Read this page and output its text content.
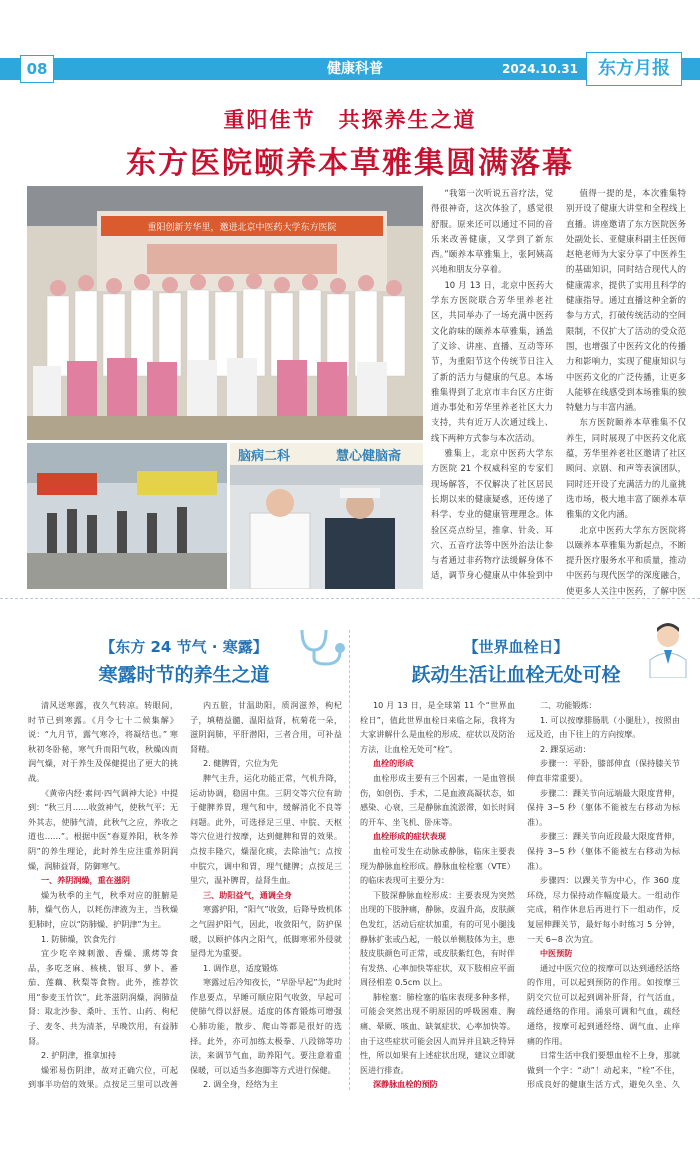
08	健康科普	2024.10.31	东方月报
重阳佳节　共探养生之道
东方医院颐养本草雅集圆满落幕
重阳创新芳华里，邀进北京中医药大学东方医院
脑病二科	慧心健脑斋

“我第一次听说五音疗法，觉得很神奇，这次体验了，感觉很舒服。原来还可以通过不同的音乐来改善健康，又学到了新东西。”颐养本草雅集上，张阿姨高兴地和朋友分享着。

10 月 13 日，北京中医药大学东方医院联合芳华里养老社区，共同举办了一场充满中医药文化韵味的颐养本草雅集，涵盖了义诊、讲座、直播、互动等环节，为重阳节这个传统节日注入了新的活力与健康的气息。本场雅集得到了北京市丰台区方庄街道办事处和芳华里养老社区大力支持，共有近万人次通过线上、线下两种方式参与本次活动。

雅集上，北京中医药大学东方医院 21 个权威科室的专家们现场解答，不仅解决了社区居民长期以来的健康疑惑，还传递了科学、专业的健康管理理念。体验区亮点纷呈，推拿、针灸、耳穴、五音疗法等中医外治法让参与者通过非药物疗法缓解身体不适，调节身心健康从中体验到中

值得一提的是，本次雅集特别开设了健康大讲堂和全程线上直播。讲座邀请了东方医院医务处副处长、亚健康科副主任医师赵艳老师为大家分享了中医养生的基础知识，同时结合现代人的健康需求，提供了实用且科学的健康指导。通过直播这种全新的参与方式，打破传统活动的空间限制，不仅扩大了活动的受众范围，也增强了中医药文化的传播力和影响力，实现了健康知识与中医药文化的广泛传播，让更多人能够在线感受到本场雅集的独特魅力与丰富内涵。

东方医院颐养本草雅集不仅养生，同时展现了中医药文化底蕴，芳华里养老社区邀请了社区顾问、京剧、和声等表演团队，同时还开设了充满活力的儿童挑选市场，极大地丰富了颐养本草雅集的文化内涵。

北京中医药大学东方医院将以颐养本草雅集为新起点，不断提升医疗服务水平和质量，推动中医药与现代医学的深度融合，使更多人关注中医药，了解中医

【东方 24 节气 · 寒露】
寒露时节的养生之道

清风送寒露，夜久气转凉。转眼间，时节已到寒露。《月令七十二候集解》说：“九月节，露气寒冷，将凝结也。” 寒秋初冬卧秘，寒气升而阳气收，秋燥凶而润气燥，对于养生及保健提出了更大的挑战。

《黄帝内经·素问·四气调神大论》中提到：“秋三月……收敛神气，使秋气平；无外其志，使肺气清，此秋气之应，养收之道也……”。根据中医“春夏养阳，秋冬养阴”的养生理论，此时养生应注重养阴润燥，润肺益肾，防御寒气。

一、养阴润燥，重在滋阴

燥为秋季的主气，秋季对应的脏腑是肺，燥气伤人，以耗伤津液为主，当秋燥犯肺时，应以“防肺燥、护阴津”为主。

1. 防肺燥，饮食先行

宜少吃辛辣刺激、香燥、熏烤等食品，多吃芝麻、核桃、银耳、萝卜、番茄、莲藕、秋梨等食物。此外，推荐饮用“参麦玉竹饮”，此茶滋阴润燥，润肺益肾：取北沙参、桑叶、玉竹、山药、枸杞子、麦冬、共为清茶，早晚饮用，有益肺肾。

2. 护阴津，推拿加持

燥邪易伤阴津，故对正确穴位，可起到事半功倍的效果。点按足三里可以改善

内五脏，甘温助阳，质润滋养，枸杞子，填精益髓、温阳益肾，杭菊花一朵，滋阴润肺，平肝潜阳，三者合用，可补益肾精。

2. 健脾胃，穴位为先

脾气主升，运化功能正常，气机升降，运动协调，稳固中焦。三阴交等穴位有助于健脾养胃，理气和中，缓解消化不良等问题。此外，可选择足三里、中脘、天枢等穴位进行按摩，达到健脾和胃的效果。点按丰隆穴，燥湿化痰，去除油气；点按中脘穴，调中和胃，理气健脾；点按足三里穴，温补脾胃，益肾生血。

三、助阳益气，通调全身

寒露护阳，“阳气”收敛，后降导致机体之气固护阳气，因此，收敛阳气，防护保暖，以顾护体内之阳气，低脚寒邪外侵就显得尤为重要。

1. 调作息，适度锻炼

寒露过后冷知夜长，“早卧早起”为此时作息要点，早睡可顺应阳气收敛，早起可使肺气得以舒展。适度的体育锻炼可增强心肺功能，散步、爬山等都是很好的选择。此外，亦可加练太极拳、八段锦等功法，来调节气血，助养阳气。要注意着重保暖，可以适当多泡脚等方式进行保健。

2. 调全身，经络为主

【世界血栓日】
跃动生活让血栓无处可栓

10 月 13 日，是全球第 11 个“世界血栓日”，值此世界血栓日来临之际，我将为大家讲解什么是血栓的形成、症状以及防治方法，让血栓无处可“栓”。

血栓的形成

血栓形成主要有三个因素，一是血管损伤，如创伤、手术，二是血液高凝状态，如感染、心衰，三是静脉血流淤滞，如长时间的开车、坐飞机、卧床等。

血栓形成的症状表现

血栓可发生在动脉或静脉，临床主要表现为静脉血栓形成。静脉血栓栓塞（VTE）的临床表现可主要分为：

下肢深静脉血栓形成：主要表现为突然出现的下肢肿痛，静脉，皮温升高，皮肤颜色发红，活动后症状加重，有的可见小腿浅静脉扩张或凸起，一般以单侧肢体为主，患肢皮肤颜色可正常，或皮肤紫红色，有时伴有发热、心率加快等症状，双下肢相应平面周径相差 0.5cm 以上。

肺栓塞：肺栓塞的临床表现多种多样，可能会突然出现不明原因的呼吸困难、胸痛、晕厥、咳血、缺氧症状、心率加快等。由于这些症状可能会因人而异并且缺乏特异性，所以如果有上述症状出现，建议立即就医进行排查。

深静脉血栓的预防

二、功能锻炼：

1. 可以按摩腓肠肌（小腿肚），按照由远及近，由下往上的方向按摩。

2. 踝泵运动：

步骤一：平卧，膝部伸直（保持膝关节伸直非常重要）。

步骤二：踝关节向远端最大限度背伸，保持 3~5 秒（躯体不能被左右移动为标准）。

步骤三：踝关节向近段最大限度背伸，保持 3~5 秒（躯体不能被左右移动为标准）。

步骤四：以踝关节为中心，作 360 度环绕，尽力保持动作幅度最大。一组动作完成，稍作休息后再进行下一组动作，反复屈伸踝关节，最好每小时练习 5 分钟，一天 6~8 次为宜。

中医预防

通过中医穴位的按摩可以达到通经活络的作用，可以起到预防的作用。如按摩三阴交穴位可以起到调补肝肾，行气活血，疏经通络的作用。涌泉可调和气血，疏经通络，按摩可起到通经络、调气血、止痒痛的作用。

日常生活中我们要想血栓不上身，那就做到一个字：“动”！动起来，“栓”不住，形成良好的健康生活方式，避免久坐、久
